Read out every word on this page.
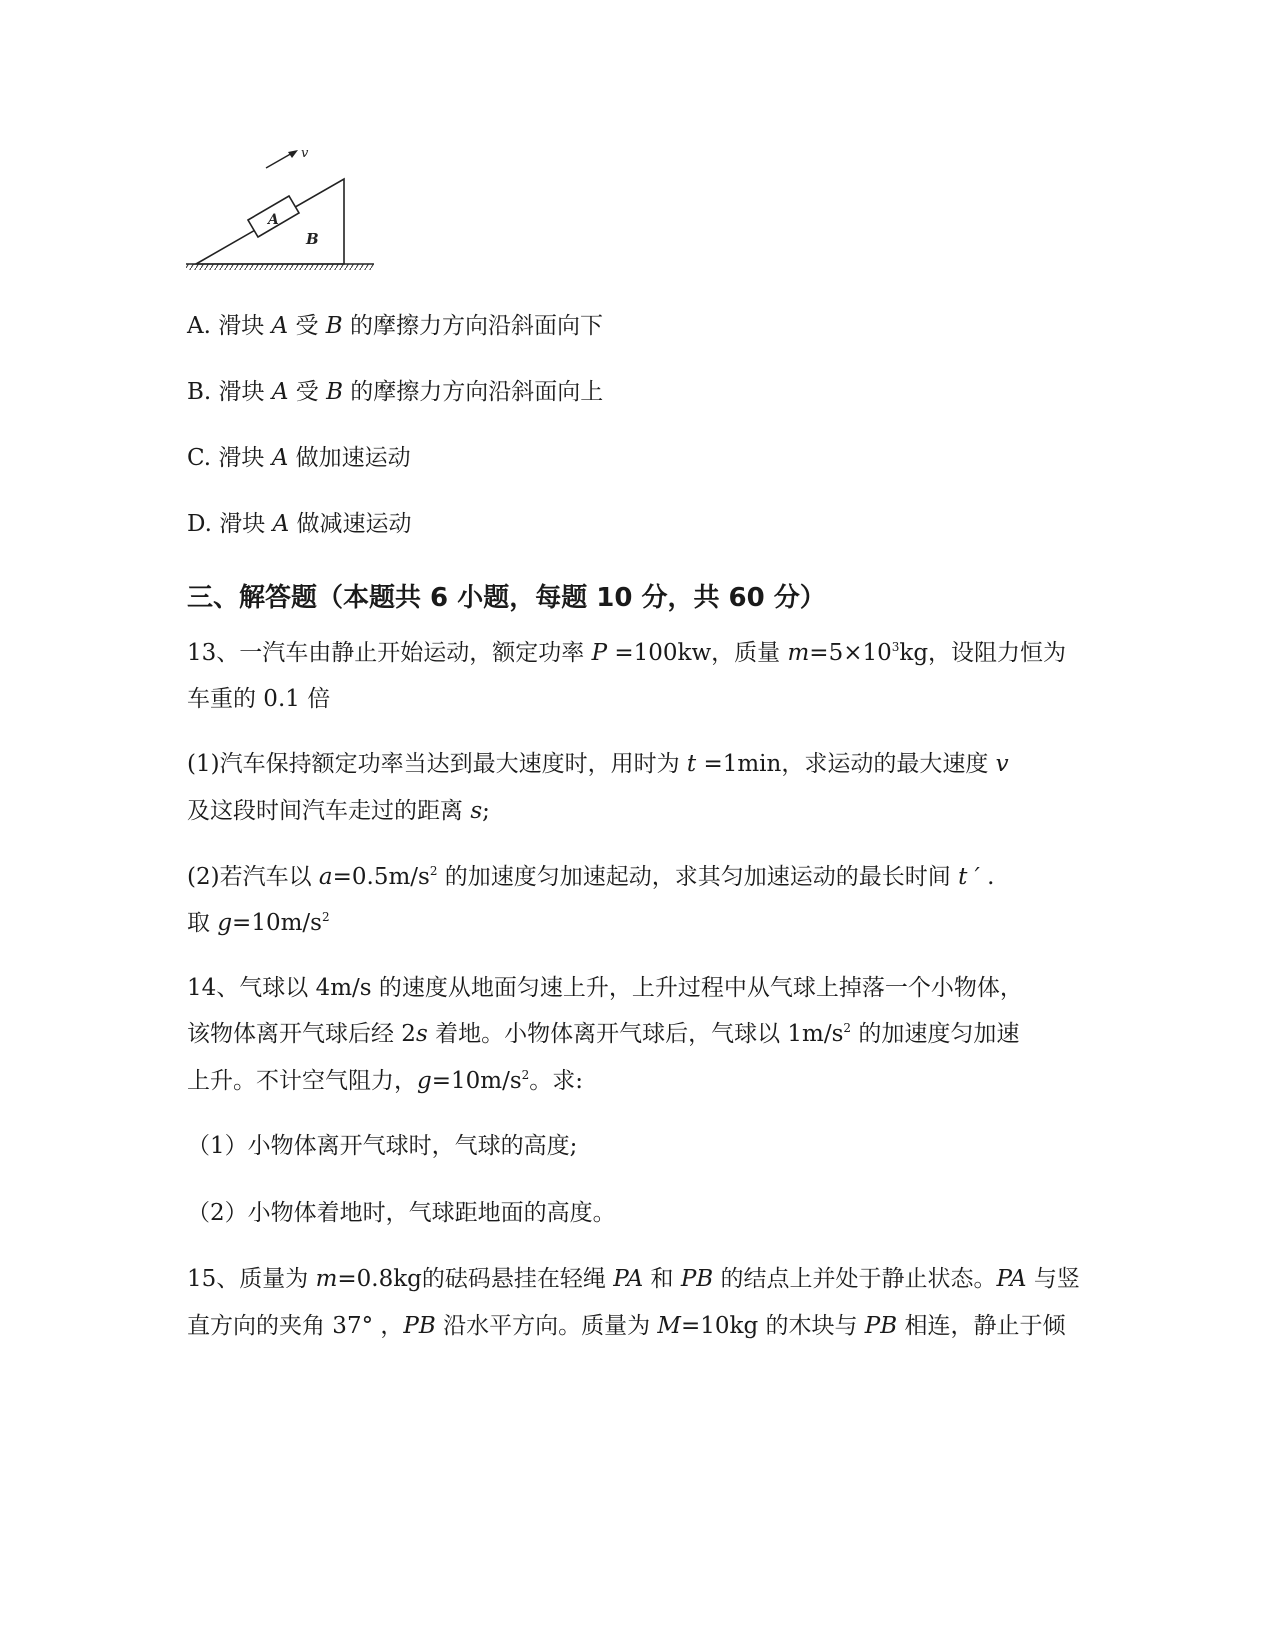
v
A
B
A. 滑块 A 受 B 的摩擦力方向沿斜面向下
B. 滑块 A 受 B 的摩擦力方向沿斜面向上
C. 滑块 A 做加速运动
D. 滑块 A 做减速运动
三、解答题（本题共 6 小题，每题 10 分，共 60 分）
13、一汽车由静止开始运动，额定功率 P =100kw，质量 $m=5\times 10^3kg$，设阻力恒为
车重的 0.1 倍
(1)汽车保持额定功率当达到最大速度时，用时为 t =1min，求运动的最大速度 v
及这段时间汽车走过的距离 s;
(2)若汽车以 $a=0.5m/s^2$ 的加速度匀加速起动，求其匀加速运动的最长时间 t ′ .
取 $g=10m/s^2$
14、气球以 4m/s 的速度从地面匀速上升，上升过程中从气球上掉落一个小物体，
该物体离开气球后经 2s 着地。小物体离开气球后，气球以 $1m/s^2$ 的加速度匀加速
上升。不计空气阻力，$g=10m/s^2$。求:
（1）小物体离开气球时，气球的高度;
（2）小物体着地时，气球距地面的高度。
15、质量为 m=0.8kg的砝码悬挂在轻绳 PA 和 PB 的结点上并处于静止状态。PA 与竖
直方向的夹角 37° ，PB 沿水平方向。质量为 M=10kg 的木块与 PB 相连，静止于倾
